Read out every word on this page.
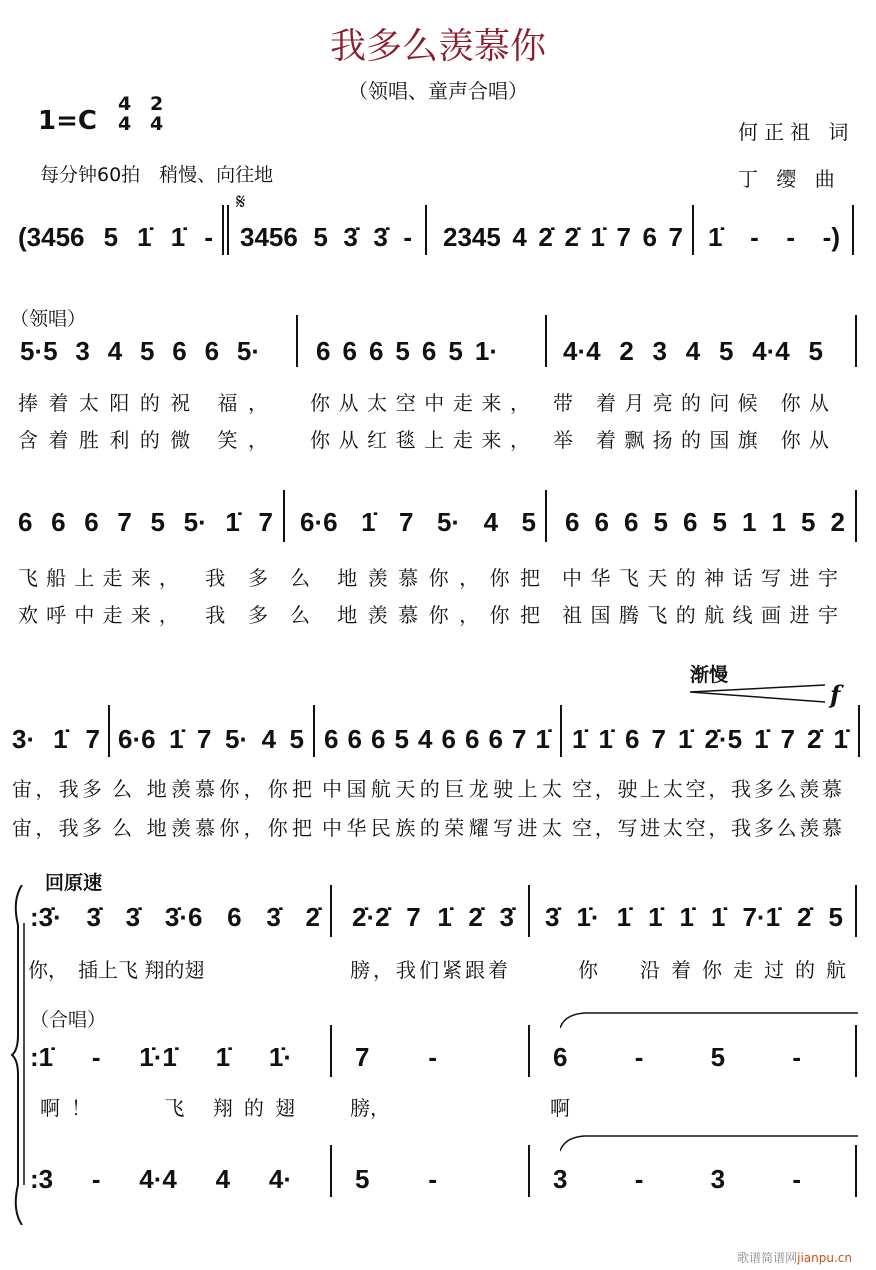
我多么羡慕你
（领唱、童声合唱）
1=C
4
4
2
4
每分钟60拍　稍慢、向往地
何正祖 词
丁 缨 曲
𝄋
(3456 5 1̇ 1̇ - 3456 5 3̇ 3̇ - 2345 4 2̇ 2̇ 1̇ 7 6 7 1̇ - - -)
（领唱）
5·5 3 4 5 6 6 5· 6 6 6 5 6 5 1·	4·4 2 3 4 5 4·4 5
捧着太阳的祝 福， 你从太空中走来， 带 着月亮的问候 你从
含着胜利的微 笑， 你从红毯上走来， 举 着飘扬的国旗 你从
6 6 6 7 5 5· 1̇ 7 6·6 1̇ 7 5· 4 5 6 6 6 5 6 5 1 1 5 2
飞船上走来，　我 多 么 地羡慕你，你把 中华飞天的神话写进宇
欢呼中走来，　我 多 么 地羡慕你，你把 祖国腾飞的航线画进宇
渐慢
f
3· 1̇ 7 6·6 1̇ 7 5· 4 5 6 6 6 5 4 6 6 6 7 1̇ 1̇ 1̇ 6 7 1̇ 2̇·5 1̇ 7 2̇ 1̇
宙，我多 么 地羡慕你，你把 中国航天的巨龙驶上太 空，驶上太空，我多么羡慕
宙，我多 么 地羡慕你，你把 中华民族的荣耀写进太 空，写进太空，我多么羡慕
回原速
:3̇· 3̇ 3̇ 3̇·6 6 3̇ 2̇ 2̇·2̇ 7 1̇ 2̇ 3̇ 3̇ 1̇· 1̇ 1̇ 1̇ 1̇ 7·1̇ 2̇ 5
你，　插上飞 翔的翅	膀，我们紧跟着	你　沿着你走过的航
（合唱）
:1̇ - 1̇·1̇ 1̇ 1̇· 7 -	6 - 5 -
啊！　　飞 翔的翅	膀，	啊
:3 - 4·4 4 4· 5 -	3 - 3 -
歌谱简谱网jianpu.cn
